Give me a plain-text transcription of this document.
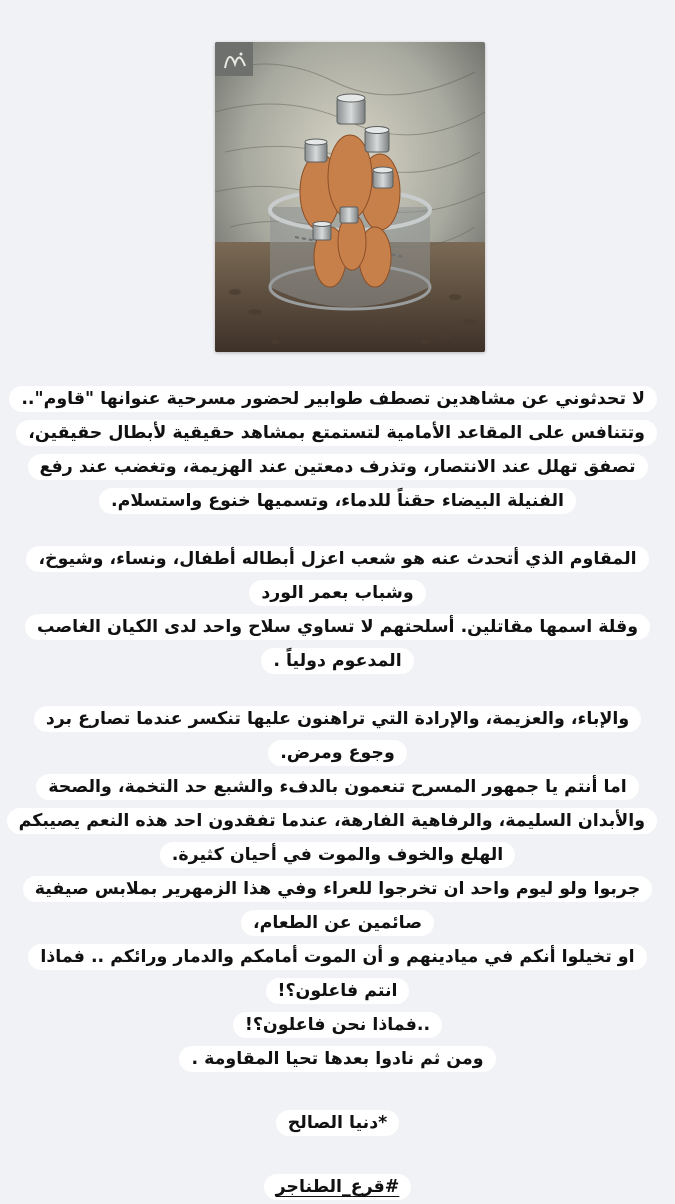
لا تحدثوني عن مشاهدين تصطف طوابير لحضور مسرحية عنوانها "قاوم".. وتتنافس على المقاعد الأمامية لتستمتع بمشاهد حقيقية لأبطال حقيقين، تصفق تهلل عند الانتصار، وتذرف دمعتين عند الهزيمة، وتغضب عند رفع الفنيلة البيضاء حقناً للدماء، وتسميها خنوع واستسلام.
المقاوم الذي أتحدث عنه هو شعب اعزل أبطاله أطفال، ونساء، وشيوخ، وشباب بعمر الورد
وقلة اسمها مقاتلين. أسلحتهم لا تساوي سلاح واحد لدى الكيان الغاصب المدعوم دولياً .
والإباء، والعزيمة، والإرادة التي تراهنون عليها تنكسر عندما تصارع برد وجوع ومرض.
اما أنتم يا جمهور المسرح تنعمون بالدفء والشبع حد التخمة، والصحة والأبدان السليمة، والرفاهية الفارهة، عندما تفقدون احد هذه النعم يصيبكم الهلع والخوف والموت في أحيان كثيرة.
جربوا ولو ليوم واحد ان تخرجوا للعراء وفي هذا الزمهرير بملابس صيفية صائمين عن الطعام،
او تخيلوا أنكم في ميادينهم و أن الموت أمامكم والدمار ورائكم .. فماذا انتم فاعلون؟!
..فماذا نحن فاعلون؟!
ومن ثم نادوا بعدها تحيا المقاومة .
*دنيا الصالح
#قرع_الطناجر
